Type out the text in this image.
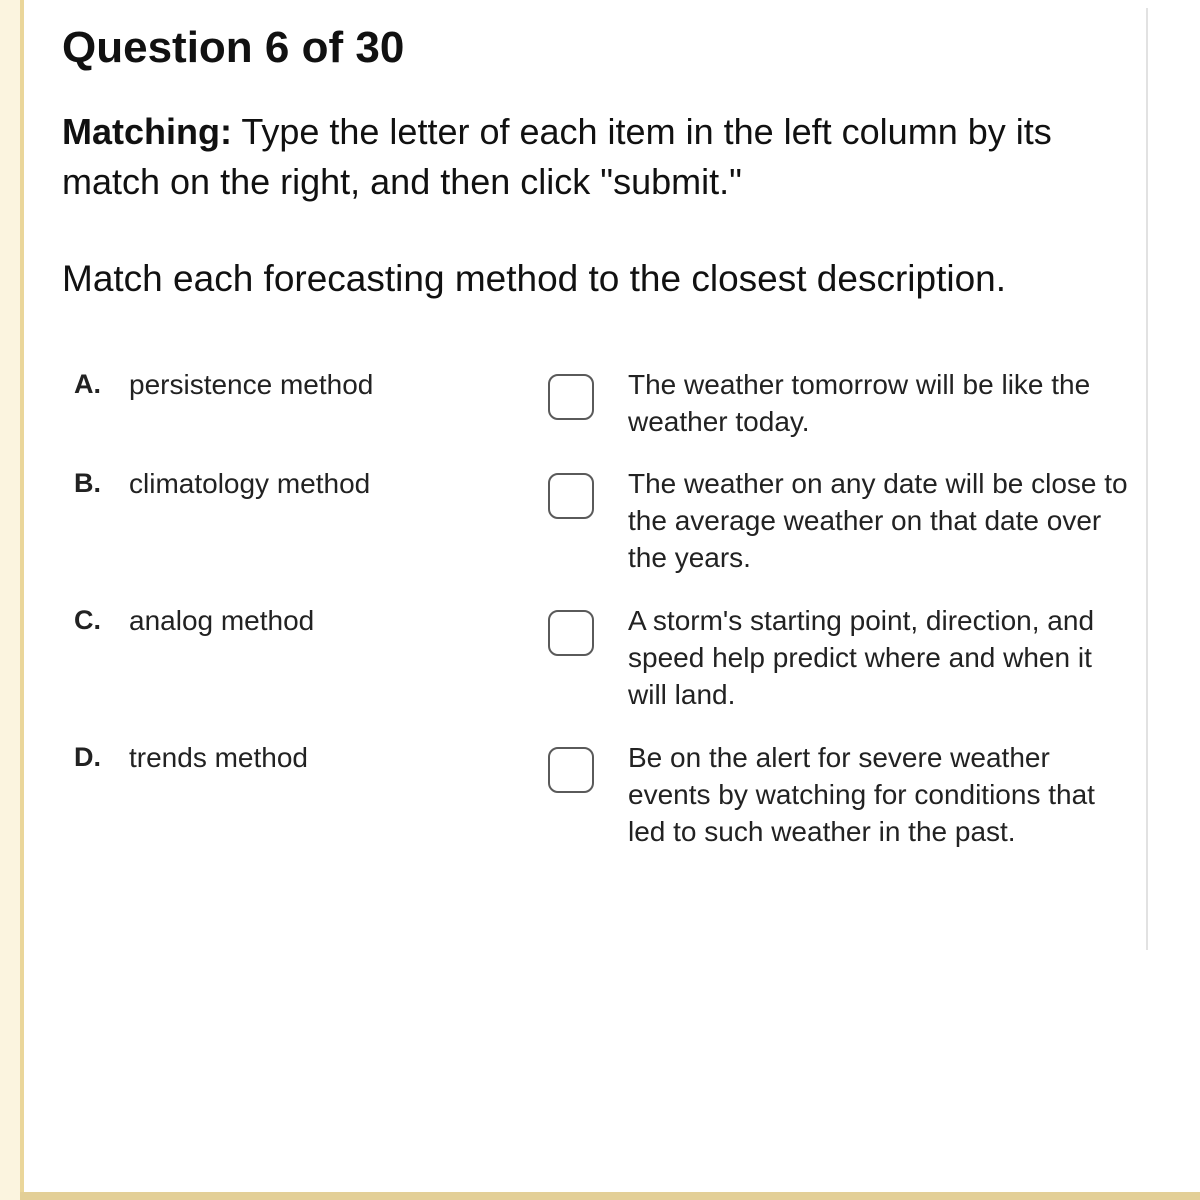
Question 6 of 30

Matching: Type the letter of each item in the left column by its match on the right, and then click "submit."

Match each forecasting method to the closest description.

A. persistence method	The weather tomorrow will be like the weather today.
B. climatology method	The weather on any date will be close to the average weather on that date over the years.
C. analog method	A storm's starting point, direction, and speed help predict where and when it will land.
D. trends method	Be on the alert for severe weather events by watching for conditions that led to such weather in the past.
